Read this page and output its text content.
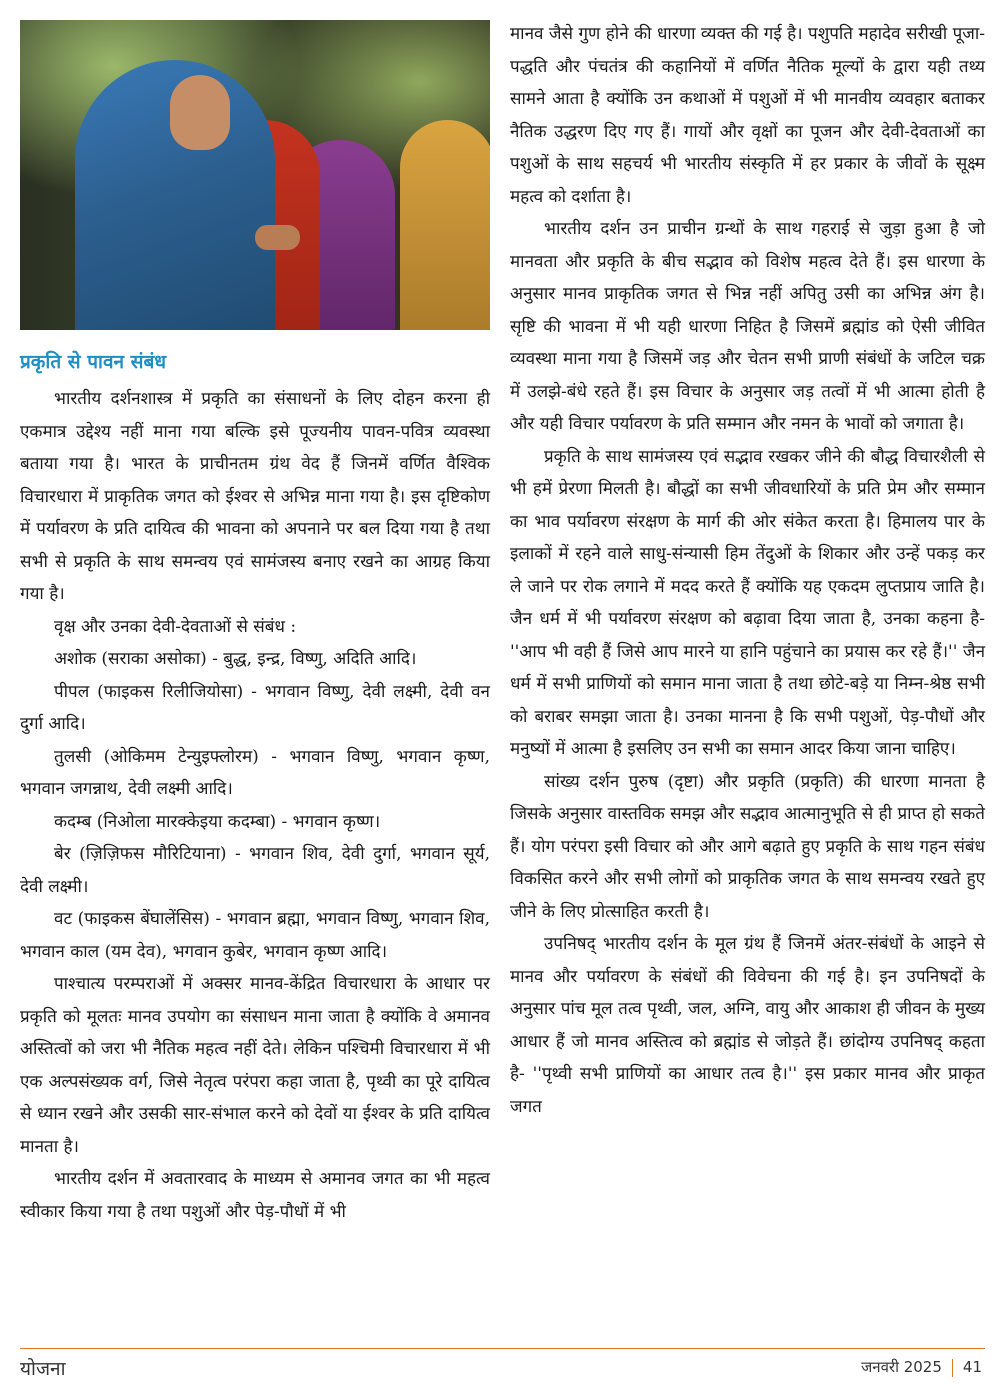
प्रकृति से पावन संबंध

भारतीय दर्शनशास्त्र में प्रकृति का संसाधनों के लिए दोहन करना ही एकमात्र उद्देश्य नहीं माना गया बल्कि इसे पूज्यनीय पावन-पवित्र व्यवस्था बताया गया है। भारत के प्राचीनतम ग्रंथ वेद हैं जिनमें वर्णित वैश्विक विचारधारा में प्राकृतिक जगत को ईश्वर से अभिन्न माना गया है। इस दृष्टिकोण में पर्यावरण के प्रति दायित्व की भावना को अपनाने पर बल दिया गया है तथा सभी से प्रकृति के साथ समन्वय एवं सामंजस्य बनाए रखने का आग्रह किया गया है।

वृक्ष और उनका देवी-देवताओं से संबंध :

अशोक (सराका असोका) - बुद्ध, इन्द्र, विष्णु, अदिति आदि।

पीपल (फाइकस रिलीजियोसा) - भगवान विष्णु, देवी लक्ष्मी, देवी वन दुर्गा आदि।

तुलसी (ओकिमम टेन्युइफ्लोरम) - भगवान विष्णु, भगवान कृष्ण, भगवान जगन्नाथ, देवी लक्ष्मी आदि।

कदम्ब (निओला मारक्केइया कदम्बा) - भगवान कृष्ण।

बेर (ज़िज़िफस मौरिटियाना) - भगवान शिव, देवी दुर्गा, भगवान सूर्य, देवी लक्ष्मी।

वट (फाइकस बेंघालेंसिस) - भगवान ब्रह्मा, भगवान विष्णु, भगवान शिव, भगवान काल (यम देव), भगवान कुबेर, भगवान कृष्ण आदि।

पाश्चात्य परम्पराओं में अक्सर मानव-केंद्रित विचारधारा के आधार पर प्रकृति को मूलतः मानव उपयोग का संसाधन माना जाता है क्योंकि वे अमानव अस्तित्वों को जरा भी नैतिक महत्व नहीं देते। लेकिन पश्चिमी विचारधारा में भी एक अल्पसंख्यक वर्ग, जिसे नेतृत्व परंपरा कहा जाता है, पृथ्वी का पूरे दायित्व से ध्यान रखने और उसकी सार-संभाल करने को देवों या ईश्वर के प्रति दायित्व मानता है।

भारतीय दर्शन में अवतारवाद के माध्यम से अमानव जगत का भी महत्व स्वीकार किया गया है तथा पशुओं और पेड़-पौधों में भी

मानव जैसे गुण होने की धारणा व्यक्त की गई है। पशुपति महादेव सरीखी पूजा-पद्धति और पंचतंत्र की कहानियों में वर्णित नैतिक मूल्यों के द्वारा यही तथ्य सामने आता है क्योंकि उन कथाओं में पशुओं में भी मानवीय व्यवहार बताकर नैतिक उद्धरण दिए गए हैं। गायों और वृक्षों का पूजन और देवी-देवताओं का पशुओं के साथ सहचर्य भी भारतीय संस्कृति में हर प्रकार के जीवों के सूक्ष्म महत्व को दर्शाता है।

भारतीय दर्शन उन प्राचीन ग्रन्थों के साथ गहराई से जुड़ा हुआ है जो मानवता और प्रकृति के बीच सद्भाव को विशेष महत्व देते हैं। इस धारणा के अनुसार मानव प्राकृतिक जगत से भिन्न नहीं अपितु उसी का अभिन्न अंग है। सृष्टि की भावना में भी यही धारणा निहित है जिसमें ब्रह्मांड को ऐसी जीवित व्यवस्था माना गया है जिसमें जड़ और चेतन सभी प्राणी संबंधों के जटिल चक्र में उलझे-बंधे रहते हैं। इस विचार के अनुसार जड़ तत्वों में भी आत्मा होती है और यही विचार पर्यावरण के प्रति सम्मान और नमन के भावों को जगाता है।

प्रकृति के साथ सामंजस्य एवं सद्भाव रखकर जीने की बौद्ध विचारशैली से भी हमें प्रेरणा मिलती है। बौद्धों का सभी जीवधारियों के प्रति प्रेम और सम्मान का भाव पर्यावरण संरक्षण के मार्ग की ओर संकेत करता है। हिमालय पार के इलाकों में रहने वाले साधु-संन्यासी हिम तेंदुओं के शिकार और उन्हें पकड़ कर ले जाने पर रोक लगाने में मदद करते हैं क्योंकि यह एकदम लुप्तप्राय जाति है। जैन धर्म में भी पर्यावरण संरक्षण को बढ़ावा दिया जाता है, उनका कहना है- ''आप भी वही हैं जिसे आप मारने या हानि पहुंचाने का प्रयास कर रहे हैं।'' जैन धर्म में सभी प्राणियों को समान माना जाता है तथा छोटे-बड़े या निम्न-श्रेष्ठ सभी को बराबर समझा जाता है। उनका मानना है कि सभी पशुओं, पेड़-पौधों और मनुष्यों में आत्मा है इसलिए उन सभी का समान आदर किया जाना चाहिए।

सांख्य दर्शन पुरुष (दृष्टा) और प्रकृति (प्रकृति) की धारणा मानता है जिसके अनुसार वास्तविक समझ और सद्भाव आत्मानुभूति से ही प्राप्त हो सकते हैं। योग परंपरा इसी विचार को और आगे बढ़ाते हुए प्रकृति के साथ गहन संबंध विकसित करने और सभी लोगों को प्राकृतिक जगत के साथ समन्वय रखते हुए जीने के लिए प्रोत्साहित करती है।

उपनिषद् भारतीय दर्शन के मूल ग्रंथ हैं जिनमें अंतर-संबंधों के आइने से मानव और पर्यावरण के संबंधों की विवेचना की गई है। इन उपनिषदों के अनुसार पांच मूल तत्व पृथ्वी, जल, अग्नि, वायु और आकाश ही जीवन के मुख्य आधार हैं जो मानव अस्तित्व को ब्रह्मांड से जोड़ते हैं। छांदोग्य उपनिषद् कहता है- ''पृथ्वी सभी प्राणियों का आधार तत्व है।'' इस प्रकार मानव और प्राकृत जगत

योजना	जनवरी 2025 41
